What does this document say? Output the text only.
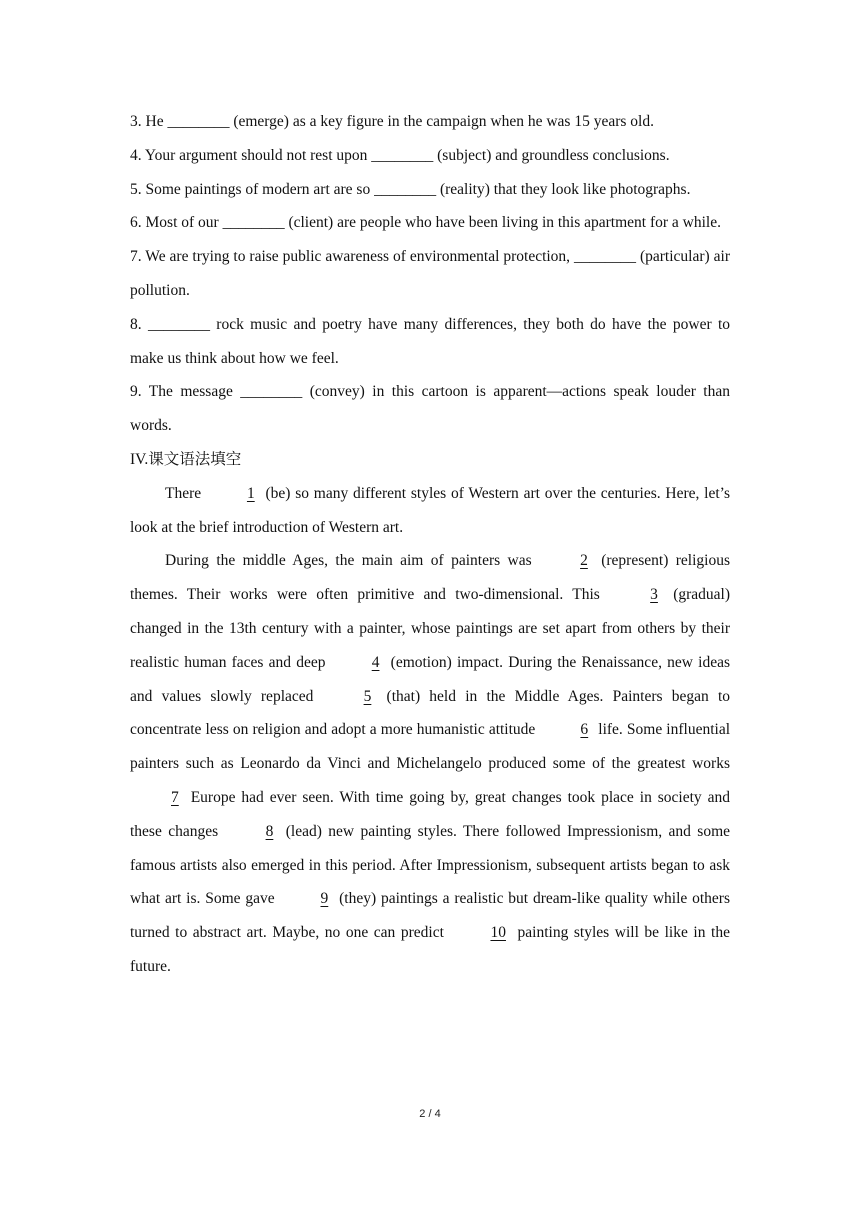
3. He ________ (emerge) as a key figure in the campaign when he was 15 years old.

4. Your argument should not rest upon ________ (subject) and groundless conclusions.

5. Some paintings of modern art are so ________ (reality) that they look like photographs.

6. Most of our ________ (client) are people who have been living in this apartment for a while.

7. We are trying to raise public awareness of environmental protection, ________ (particular) air pollution.

8. ________ rock music and poetry have many differences, they both do have the power to make us think about how we feel.

9. The message ________ (convey) in this cartoon is apparent—actions speak louder than words.

IV.课文语法填空

There	1 (be) so many different styles of Western art over the centuries. Here, let’s look at the brief introduction of Western art.

During the middle Ages, the main aim of painters was	2 (represent) religious themes. Their works were often primitive and two-dimensional. This	3 (gradual) changed in the 13th century with a painter, whose paintings are set apart from others by their realistic human faces and deep	4 (emotion) impact. During the Renaissance, new ideas and values slowly replaced	5 (that) held in the Middle Ages. Painters began to concentrate less on religion and adopt a more humanistic attitude	6 life. Some influential painters such as Leonardo da Vinci and Michelangelo produced some of the greatest works 7 Europe had ever seen. With time going by, great changes took place in society and these changes	8 (lead) new painting styles. There followed Impressionism, and some famous artists also emerged in this period. After Impressionism, subsequent artists began to ask what art is. Some gave	9 (they) paintings a realistic but dream-like quality while others turned to abstract art. Maybe, no one can predict	10 painting styles will be like in the future.

2 / 4
